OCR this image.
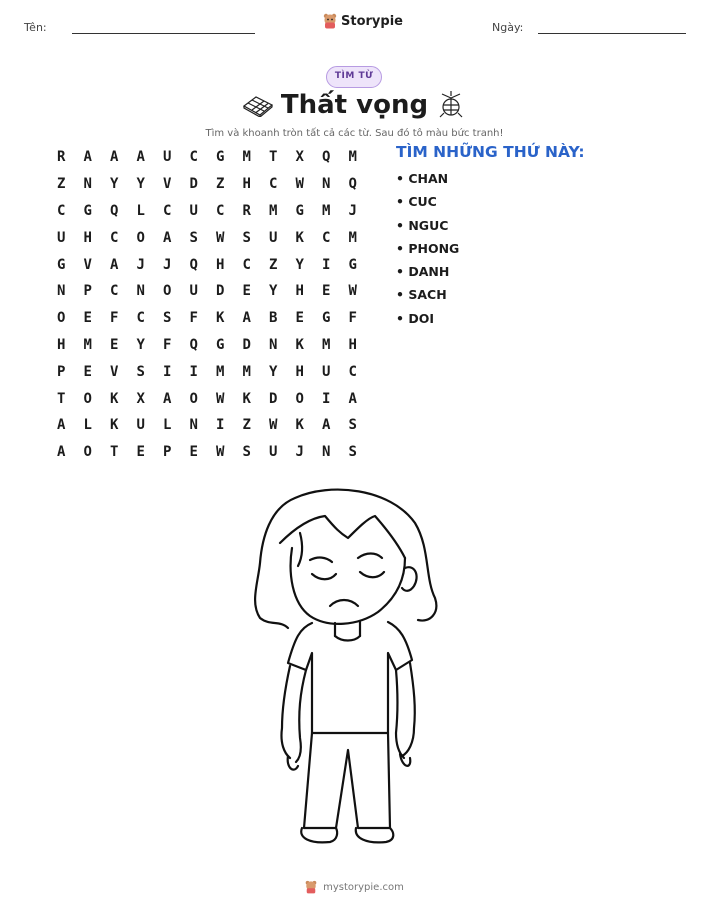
Tên:	Storypie	Ngày:
TÌM TỪ
Thất vọng
Tìm và khoanh tròn tất cả các từ. Sau đó tô màu bức tranh!
R	A	A	A	U	C	G	M	T	X	Q	M
Z	N	Y	Y	V	D	Z	H	C	W	N	Q
C	G	Q	L	C	U	C	R	M	G	M	J
U	H	C	O	A	S	W	S	U	K	C	M
G	V	A	J	J	Q	H	C	Z	Y	I	G
N	P	C	N	O	U	D	E	Y	H	E	W
O	E	F	C	S	F	K	A	B	E	G	F
H	M	E	Y	F	Q	G	D	N	K	M	H
P	E	V	S	I	I	M	M	Y	H	U	C
T	O	K	X	A	O	W	K	D	O	I	A
A	L	K	U	L	N	I	Z	W	K	A	S
A	O	T	E	P	E	W	S	U	J	N	S
TÌM NHỮNG THỨ NÀY:
• CHAN
• CUC
• NGUC
• PHONG
• DANH
• SACH
• DOI
mystorypie.com
